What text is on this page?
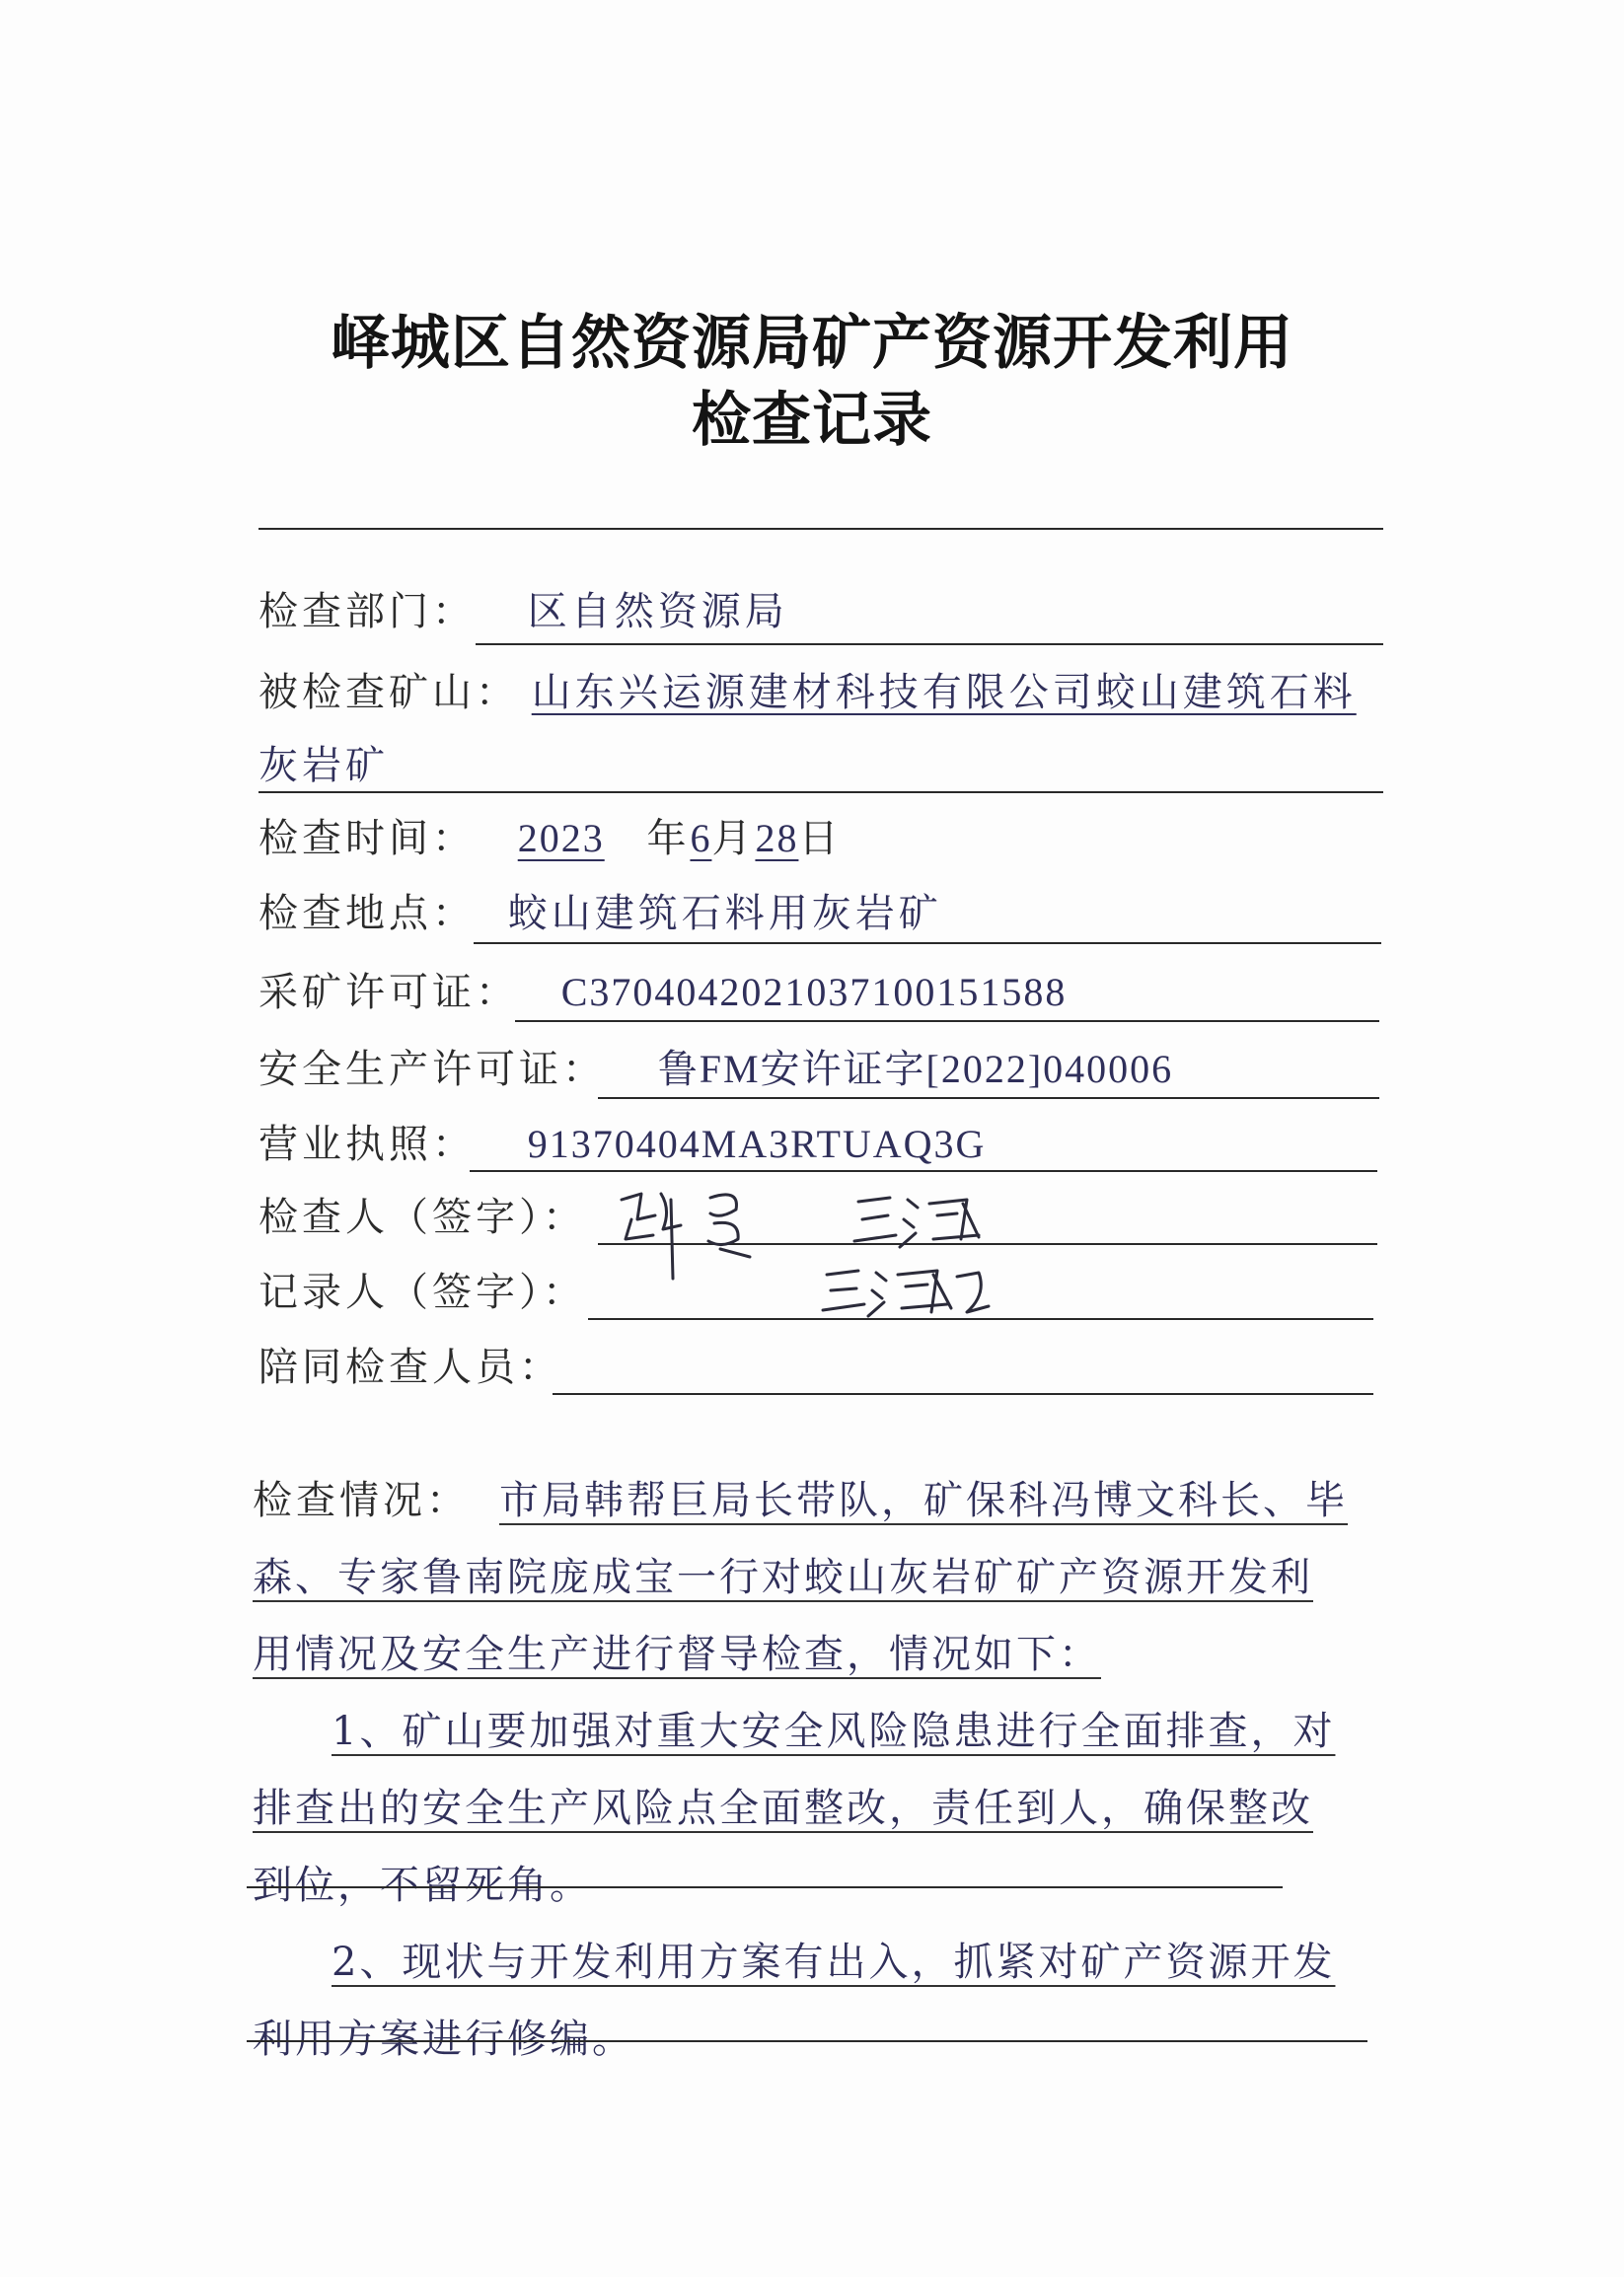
峄城区自然资源局矿产资源开发利用
检查记录
检查部门： 区自然资源局
被检查矿山： 山东兴运源建材科技有限公司蛟山建筑石料
灰岩矿
检查时间： 2023 年6月28日
检查地点： 蛟山建筑石料用灰岩矿
采矿许可证： C3704042021037100151588
安全生产许可证： 鲁FM安许证字[2022]040006
营业执照： 91370404MA3RTUAQ3G
检查人（签字）：
记录人（签字）：
陪同检查人员：
检查情况： 市局韩帮巨局长带队，矿保科冯博文科长、毕
森、专家鲁南院庞成宝一行对蛟山灰岩矿矿产资源开发利
用情况及安全生产进行督导检查，情况如下：
1、矿山要加强对重大安全风险隐患进行全面排查，对
排查出的安全生产风险点全面整改，责任到人，确保整改
到位，不留死角。
2、现状与开发利用方案有出入，抓紧对矿产资源开发
利用方案进行修编。
